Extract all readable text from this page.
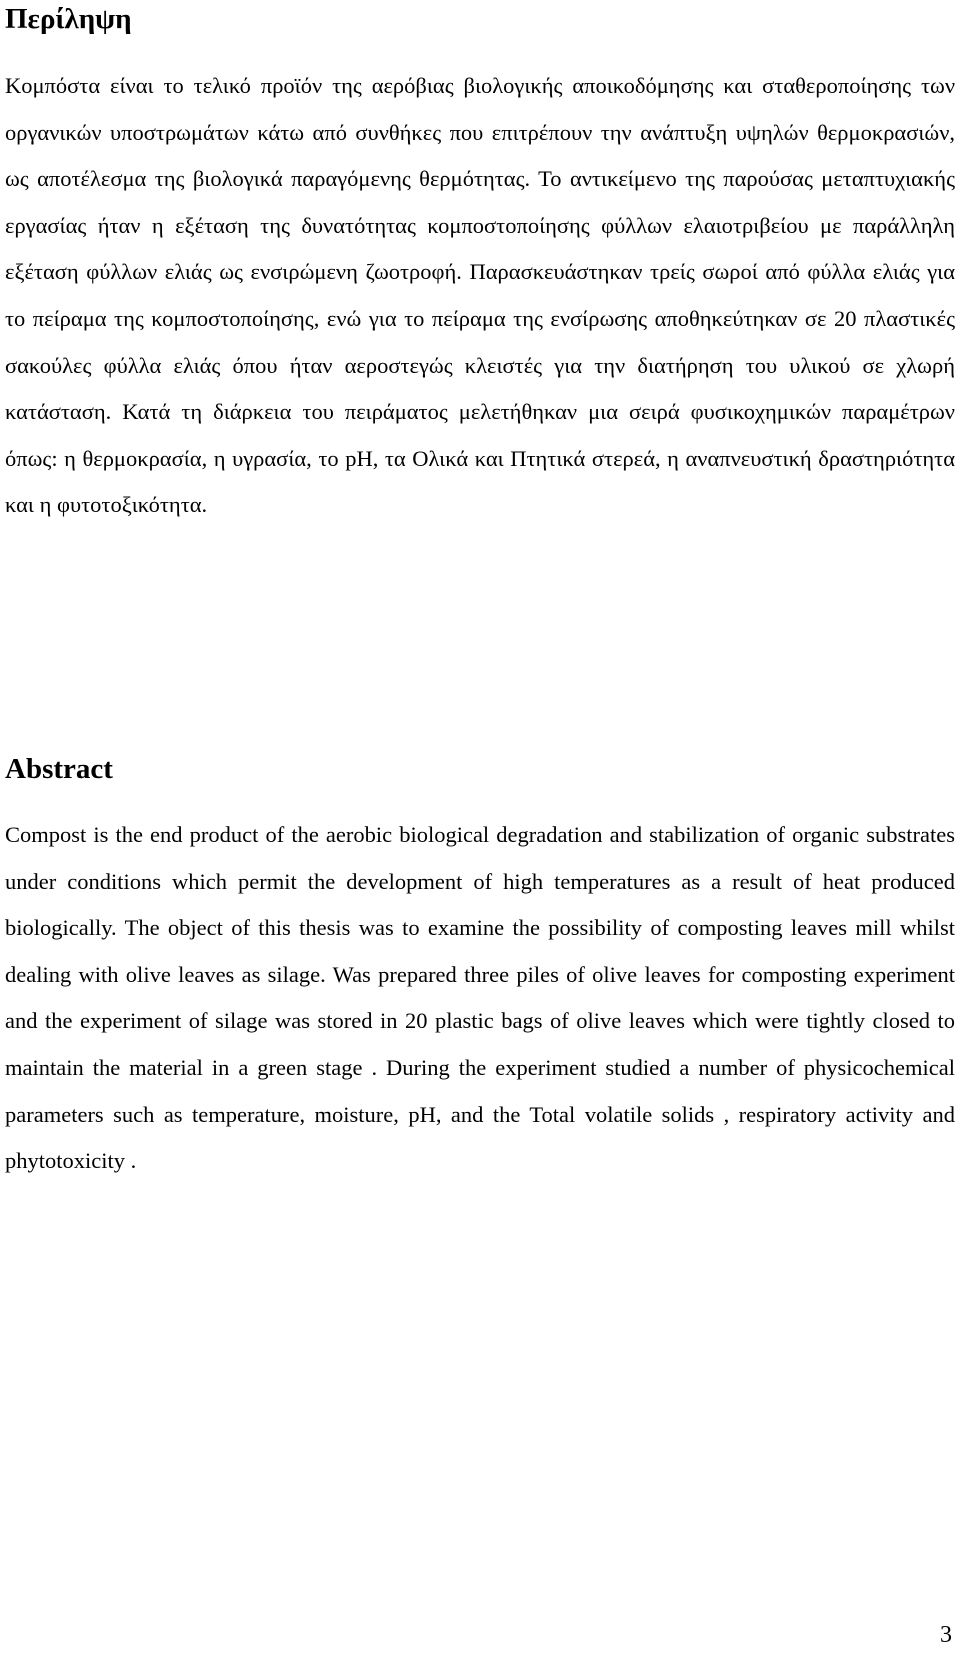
Περίληψη

Κομπόστα είναι το τελικό προϊόν της αερόβιας βιολογικής αποικοδόμησης και σταθεροποίησης των οργανικών υποστρωμάτων κάτω από συνθήκες που επιτρέπουν την ανάπτυξη υψηλών θερμοκρασιών, ως αποτέλεσμα της βιολογικά παραγόμενης θερμότητας. Το αντικείμενο της παρούσας μεταπτυχιακής εργασίας ήταν η εξέταση της δυνατότητας κομποστοποίησης φύλλων ελαιοτριβείου με παράλληλη εξέταση φύλλων ελιάς ως ενσιρώμενη ζωοτροφή. Παρασκευάστηκαν τρείς σωροί από φύλλα ελιάς για το πείραμα της κομποστοποίησης, ενώ για το πείραμα της ενσίρωσης αποθηκεύτηκαν σε 20 πλαστικές σακούλες φύλλα ελιάς όπου ήταν αεροστεγώς κλειστές για την διατήρηση του υλικού σε χλωρή κατάσταση. Κατά τη διάρκεια του πειράματος μελετήθηκαν μια σειρά φυσικοχημικών παραμέτρων όπως: η θερμοκρασία, η υγρασία, το pH, τα Ολικά και Πτητικά στερεά, η αναπνευστική δραστηριότητα και η φυτοτοξικότητα.

Abstract

Compost is the end product of the aerobic biological degradation and stabilization of organic substrates under conditions which permit the development of high temperatures as a result of heat produced biologically. The object of this thesis was to examine the possibility of composting leaves mill whilst dealing with olive leaves as silage. Was prepared three piles of olive leaves for composting experiment and the experiment of silage was stored in 20 plastic bags of olive leaves which were tightly closed to maintain the material in a green stage . During the experiment studied a number of physicochemical parameters such as temperature, moisture, pH, and the Total volatile solids , respiratory activity and phytotoxicity .

3
